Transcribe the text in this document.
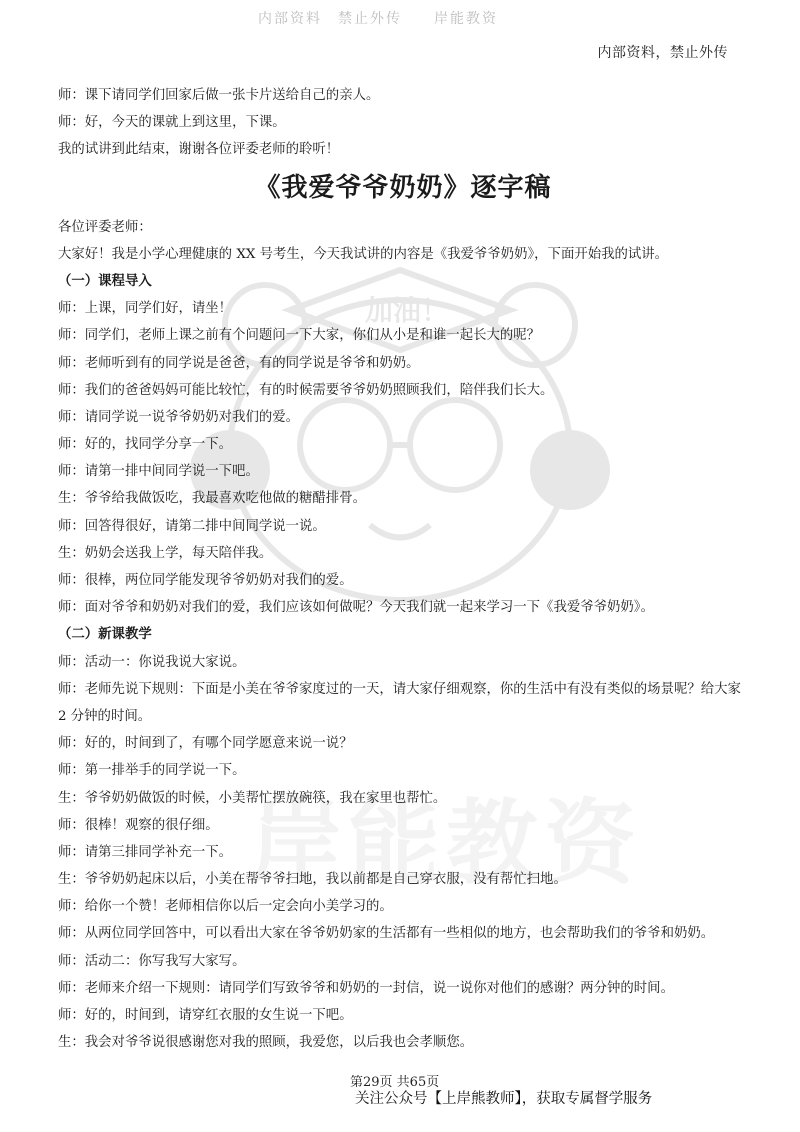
加油！
内部资料　禁止外传　　岸能教资
内部资料，禁止外传
师：课下请同学们回家后做一张卡片送给自己的亲人。
师：好，今天的课就上到这里，下课。
我的试讲到此结束，谢谢各位评委老师的聆听！
《我爱爷爷奶奶》逐字稿
各位评委老师：
大家好！我是小学心理健康的 XX 号考生，今天我试讲的内容是《我爱爷爷奶奶》，下面开始我的试讲。
（一）课程导入
师：上课，同学们好，请坐！
师：同学们，老师上课之前有个问题问一下大家，你们从小是和谁一起长大的呢？
师：老师听到有的同学说是爸爸，有的同学说是爷爷和奶奶。
师：我们的爸爸妈妈可能比较忙，有的时候需要爷爷奶奶照顾我们，陪伴我们长大。
师：请同学说一说爷爷奶奶对我们的爱。
师：好的，找同学分享一下。
师：请第一排中间同学说一下吧。
生：爷爷给我做饭吃，我最喜欢吃他做的糖醋排骨。
师：回答得很好，请第二排中间同学说一说。
生：奶奶会送我上学，每天陪伴我。
师：很棒，两位同学能发现爷爷奶奶对我们的爱。
师：面对爷爷和奶奶对我们的爱，我们应该如何做呢？今天我们就一起来学习一下《我爱爷爷奶奶》。
（二）新课教学
师：活动一：你说我说大家说。
师：老师先说下规则：下面是小美在爷爷家度过的一天，请大家仔细观察，你的生活中有没有类似的场景呢？给大家 2 分钟的时间。
师：好的，时间到了，有哪个同学愿意来说一说？
师：第一排举手的同学说一下。
生：爷爷奶奶做饭的时候，小美帮忙摆放碗筷，我在家里也帮忙。
师：很棒！观察的很仔细。
师：请第三排同学补充一下。
生：爷爷奶奶起床以后，小美在帮爷爷扫地，我以前都是自己穿衣服，没有帮忙扫地。
师：给你一个赞！老师相信你以后一定会向小美学习的。
师：从两位同学回答中，可以看出大家在爷爷奶奶家的生活都有一些相似的地方，也会帮助我们的爷爷和奶奶。
师：活动二：你写我写大家写。
师：老师来介绍一下规则：请同学们写致爷爷和奶奶的一封信，说一说你对他们的感谢？两分钟的时间。
师：好的，时间到，请穿红衣服的女生说一下吧。
生：我会对爷爷说很感谢您对我的照顾，我爱您，以后我也会孝顺您。
第29页 共65页
关注公众号【上岸熊教师】，获取专属督学服务
